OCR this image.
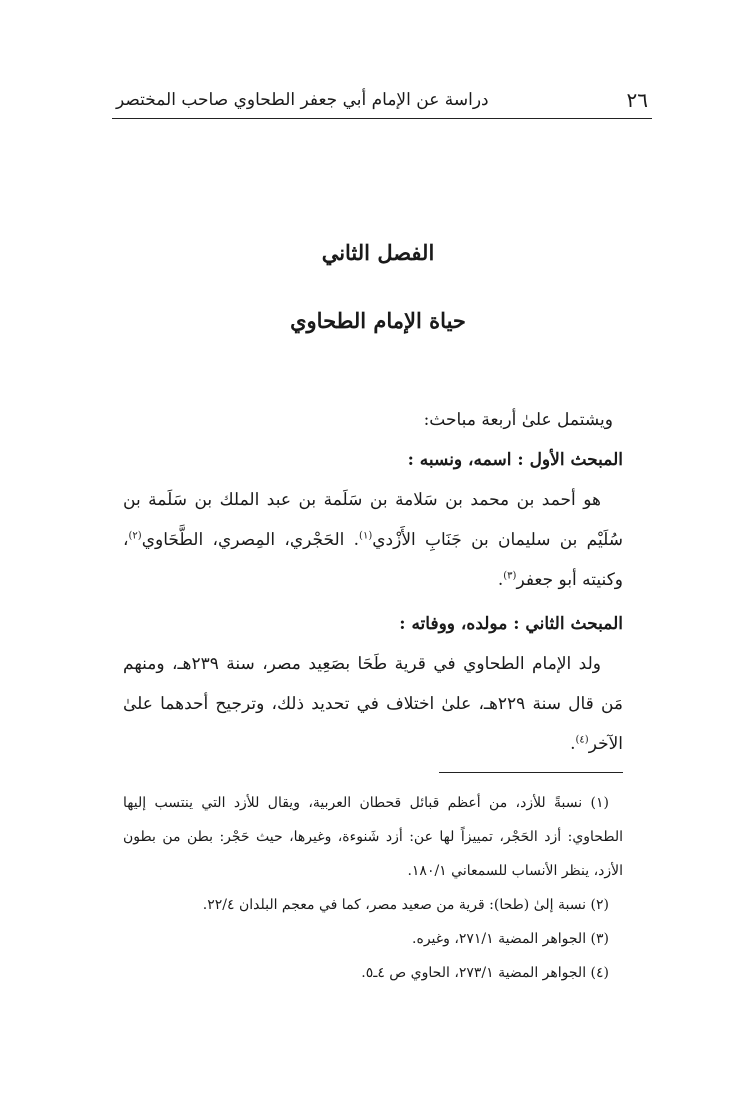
٢٦
دراسة عن الإمام أبي جعفر الطحاوي صاحب المختصر
الفصل الثاني
حياة الإمام الطحاوي

ويشتمل علىٰ أربعة مباحث:

المبحث الأول : اسمه، ونسبه :

هو أحمد بن محمد بن سَلامة بن سَلَمة بن عبد الملك بن سَلَمة بن سُلَيْم بن سليمان بن جَنَابِ الأَزْدي$^{(١)}$. الحَجْري، المِصري، الطَّحَاوي$^{(٢)}$، وكنيته أبو جعفر$^{(٣)}$.

المبحث الثاني : مولده، ووفاته :

ولد الإمام الطحاوي في قرية طَحَا بصَعِيد مصر، سنة ٢٣٩هـ، ومنهم مَن قال سنة ٢٢٩هـ، علىٰ اختلاف في تحديد ذلك، وترجيح أحدهما علىٰ الآخر$^{(٤)}$.

(١) نسبةً للأزد، من أعظم قبائل قحطان العربية، ويقال للأزد التي ينتسب إليها الطحاوي: أزد الحَجْر، تمييزاً لها عن: أزد شَنوءة، وغيرها، حيث حَجْر: بطن من بطون الأزد، ينظر الأنساب للسمعاني ١٨٠/١.

(٢) نسبة إلىٰ (طحا): قرية من صعيد مصر، كما في معجم البلدان ٢٢/٤.

(٣) الجواهر المضية ٢٧١/١، وغيره.

(٤) الجواهر المضية ٢٧٣/١، الحاوي ص ٤ـ٥.
